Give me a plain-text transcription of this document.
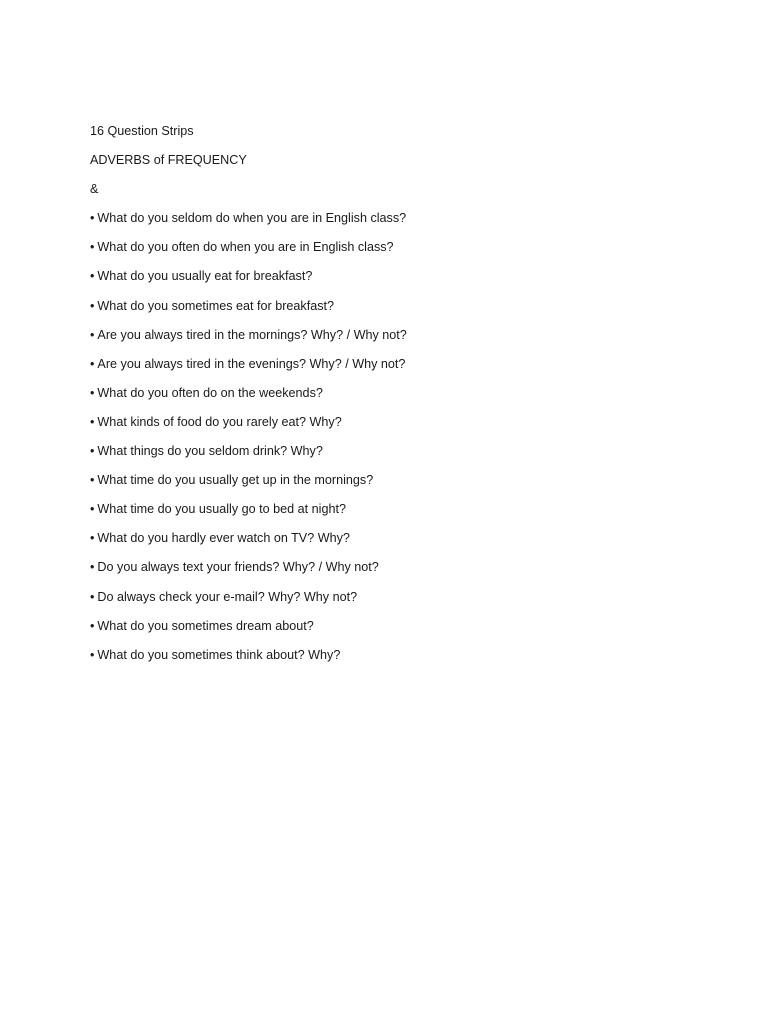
16 Question Strips
ADVERBS of FREQUENCY
&
• What do you seldom do when you are in English class?
• What do you often do when you are in English class?
• What do you usually eat for breakfast?
• What do you sometimes eat for breakfast?
• Are you always tired in the mornings? Why? / Why not?
• Are you always tired in the evenings? Why? / Why not?
• What do you often do on the weekends?
• What kinds of food do you rarely eat? Why?
• What things do you seldom drink? Why?
• What time do you usually get up in the mornings?
• What time do you usually go to bed at night?
• What do you hardly ever watch on TV? Why?
• Do you always text your friends? Why? / Why not?
• Do always check your e-mail? Why? Why not?
• What do you sometimes dream about?
• What do you sometimes think about? Why?
